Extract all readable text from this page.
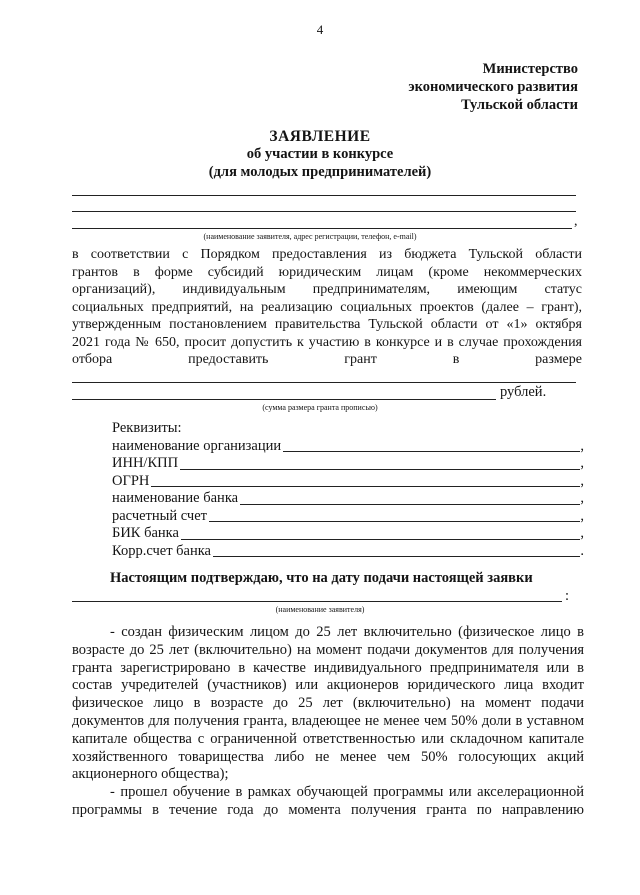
4
Министерство
экономического развития
Тульской области
ЗАЯВЛЕНИЕ
об участии в конкурсе
(для молодых предпринимателей)
,
(наименование заявителя, адрес регистрации, телефон, e-mail)
в соответствии с Порядком предоставления из бюджета Тульской области
грантов в форме субсидий юридическим лицам (кроме некоммерческих
организаций), индивидуальным предпринимателям, имеющим статус
социальных предприятий, на реализацию социальных проектов (далее – грант),
утвержденным постановлением правительства Тульской области от «1» октября
2021 года № 650, просит допустить к участию в конкурсе и в случае прохождения
отбора предоставить грант в размере
рублей.
(сумма размера гранта прописью)
Реквизиты:
наименование организации	,
ИНН/КПП	,
ОГРН	,
наименование банка	,
расчетный счет	,
БИК банка	,
Корр.счет банка	.
Настоящим подтверждаю, что на дату подачи настоящей заявки
:
(наименование заявителя)
- создан физическим лицом до 25 лет включительно (физическое лицо в
возрасте до 25 лет (включительно) на момент подачи документов для получения
гранта зарегистрировано в качестве индивидуального предпринимателя или в
состав учредителей (участников) или акционеров юридического лица входит
физическое лицо в возрасте до 25 лет (включительно) на момент подачи
документов для получения гранта, владеющее не менее чем 50% доли в уставном
капитале общества с ограниченной ответственностью или складочном капитале
хозяйственного товарищества либо не менее чем 50% голосующих акций
акционерного общества);
- прошел обучение в рамках обучающей программы или акселерационной
программы в течение года до момента получения гранта по направлению
